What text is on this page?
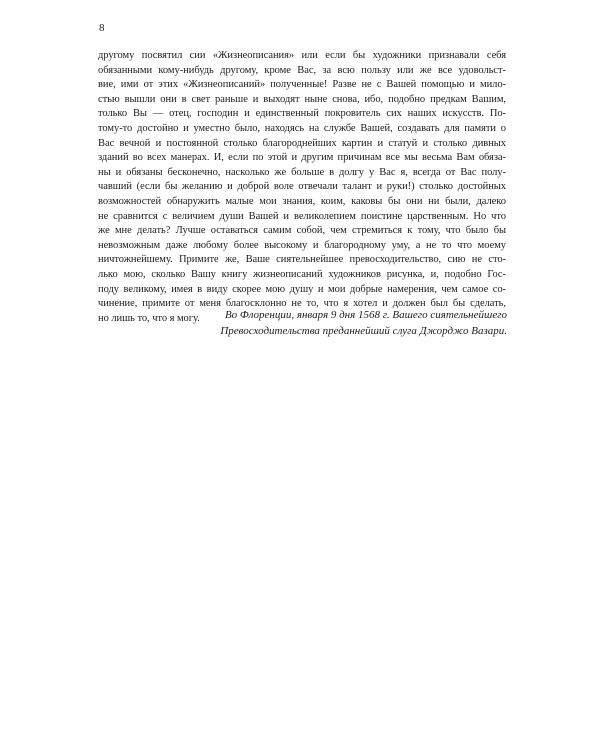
8
другому посвятил сии «Жизнеописания» или если бы художники признавали себя
обязанными кому-нибудь другому, кроме Вас, за всю пользу или же все удовольст-
вие, ими от этих «Жизнеописаний» полученные! Разве не с Вашей помощью и мило-
стью вышли они в свет раньше и выходят ныне снова, ибо, подобно предкам Вашим,
только Вы — отец, господин и единственный покровитель сих наших искусств. По-
тому-то достойно и уместно было, находясь на службе Вашей, создавать для памяти о
Вас вечной и постоянной столько благороднейших картин и статуй и столько дивных
зданий во всех манерах. И, если по этой и другим причинам все мы весьма Вам обяза-
ны и обязаны бесконечно, насколько же больше в долгу у Вас я, всегда от Вас полу-
чавший (если бы желанию и доброй воле отвечали талант и руки!) столько достойных
возможностей обнаружить малые мои знания, коим, каковы бы они ни были, далеко
не сравнится с величием души Вашей и великолепием поистине царственным. Но что
же мне делать? Лучше оставаться самим собой, чем стремиться к тому, что было бы
невозможным даже любому более высокому и благородному уму, а не то что моему
ничтожнейшему. Примите же, Ваше сиятельнейшее превосходительство, сию не сто-
лько мою, сколько Вашу книгу жизнеописаний художников рисунка, и, подобно Гос-
поду великому, имея в виду скорее мою душу и мои добрые намерения, чем самое со-
чинение, примите от меня благосклонно не то, что я хотел и должен был бы сделать,
но лишь то, что я могу.	Во Флоренции, января 9 дня 1568 г. Вашего сиятельнейшего
Превосходительства преданнейший слуга Джорджо Вазари.
